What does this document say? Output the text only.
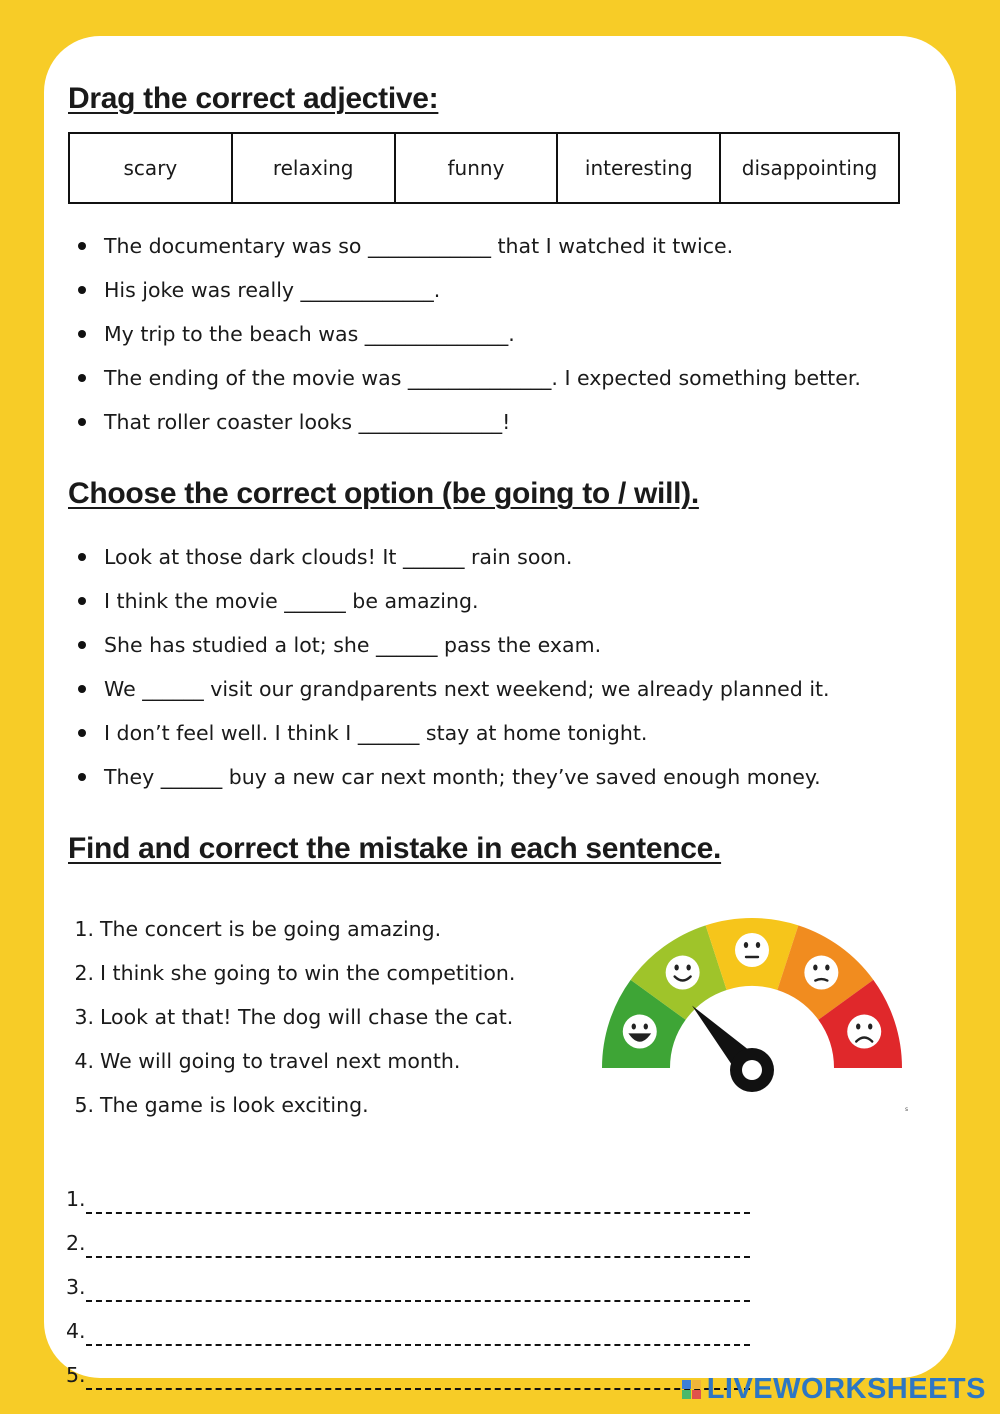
Drag the correct adjective:
scary	relaxing	funny	interesting	disappointing
The documentary was so ____________ that I watched it twice.
His joke was really _____________.
My trip to the beach was ______________.
The ending of the movie was ______________. I expected something better.
That roller coaster looks ______________!
Choose the correct option (be going to / will).
Look at those dark clouds! It ______ rain soon.
I think the movie ______ be amazing.
She has studied a lot; she ______ pass the exam.
We ______ visit our grandparents next weekend; we already planned it.
I don’t feel well. I think I ______ stay at home tonight.
They ______ buy a new car next month; they’ve saved enough money.
Find and correct the mistake in each sentence.
1. The concert is be going amazing.
2. I think she going to win the competition.
3. Look at that! The dog will chase the cat.
4. We will going to travel next month.
5. The game is look exciting.	s
1.
2.
3.
4.
5.	LIVEWORKSHEETS
